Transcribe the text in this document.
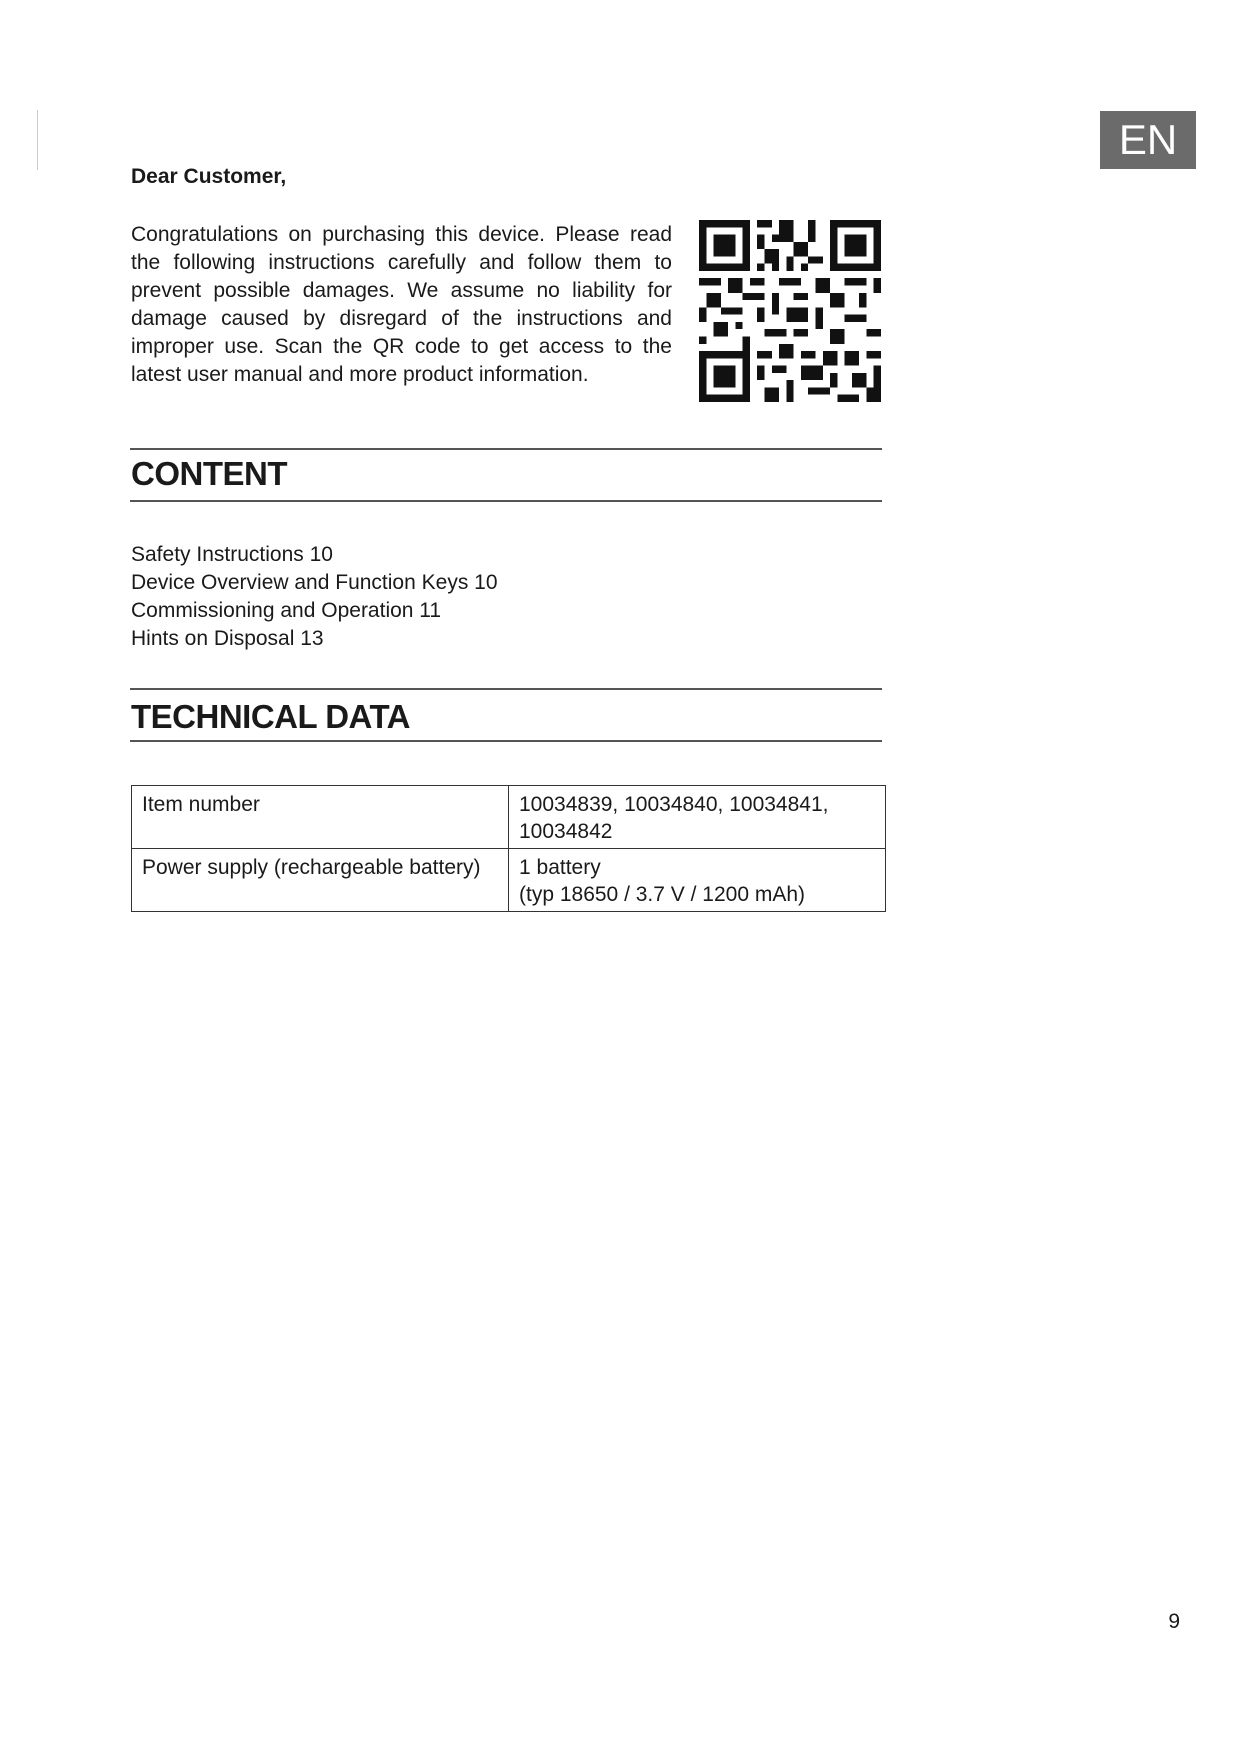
EN
Dear Customer,

Congratulations on purchasing this device. Please read the following instructions carefully and follow them to prevent possible damages. We assume no liability for damage caused by disregard of the instructions and improper use. Scan the QR code to get access to the latest user manual and more product information.

CONTENT
Safety Instructions 10
Device Overview and Function Keys 10
Commissioning and Operation 11
Hints on Disposal 13
TECHNICAL DATA
Item number	10034839, 10034840, 10034841,
10034842

Power supply (rechargeable battery)	1 battery
(typ 18650 / 3.7 V / 1200 mAh)
9
